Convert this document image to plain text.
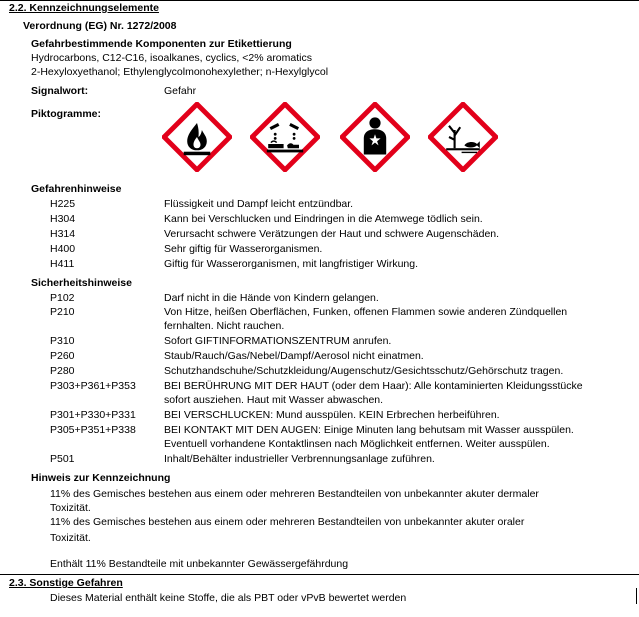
2.2. Kennzeichnungselemente
Verordnung (EG) Nr. 1272/2008
Gefahrbestimmende Komponenten zur Etikettierung
Hydrocarbons, C12-C16, isoalkanes, cyclics, <2% aromatics
2-Hexyloxyethanol; Ethylenglycolmonohexylether; n-Hexylglycol
Signalwort:	Gefahr
Piktogramme:
Gefahrenhinweise
H225	Flüssigkeit und Dampf leicht entzündbar.
H304	Kann bei Verschlucken und Eindringen in die Atemwege tödlich sein.
H314	Verursacht schwere Verätzungen der Haut und schwere Augenschäden.
H400	Sehr giftig für Wasserorganismen.
H411	Giftig für Wasserorganismen, mit langfristiger Wirkung.
Sicherheitshinweise
P102	Darf nicht in die Hände von Kindern gelangen.
P210	Von Hitze, heißen Oberflächen, Funken, offenen Flammen sowie anderen Zündquellen
fernhalten. Nicht rauchen.
P310	Sofort GIFTINFORMATIONSZENTRUM anrufen.
P260	Staub/Rauch/Gas/Nebel/Dampf/Aerosol nicht einatmen.
P280	Schutzhandschuhe/Schutzkleidung/Augenschutz/Gesichtsschutz/Gehörschutz tragen.
P303+P361+P353	BEI BERÜHRUNG MIT DER HAUT (oder dem Haar): Alle kontaminierten Kleidungsstücke
sofort ausziehen. Haut mit Wasser abwaschen.
P301+P330+P331	BEI VERSCHLUCKEN: Mund ausspülen. KEIN Erbrechen herbeiführen.
P305+P351+P338	BEI KONTAKT MIT DEN AUGEN: Einige Minuten lang behutsam mit Wasser ausspülen.
Eventuell vorhandene Kontaktlinsen nach Möglichkeit entfernen. Weiter ausspülen.
P501	Inhalt/Behälter industrieller Verbrennungsanlage zuführen.
Hinweis zur Kennzeichnung
11% des Gemisches bestehen aus einem oder mehreren Bestandteilen von unbekannter akuter dermaler
Toxizität.
11% des Gemisches bestehen aus einem oder mehreren Bestandteilen von unbekannter akuter oraler
Toxizität.
Enthält 11% Bestandteile mit unbekannter Gewässergefährdung
2.3. Sonstige Gefahren
Dieses Material enthält keine Stoffe, die als PBT oder vPvB bewertet werden
